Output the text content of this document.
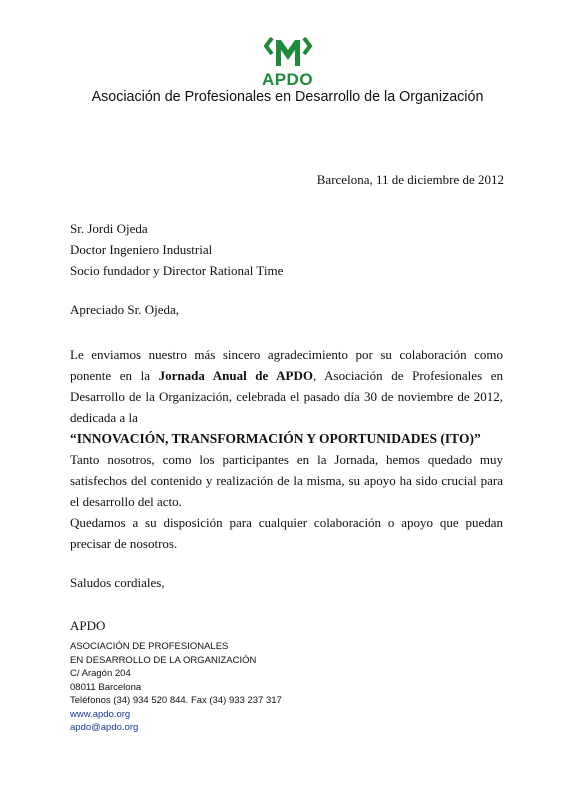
APDO
Asociación de Profesionales en Desarrollo de la Organización
Barcelona, 11 de diciembre de 2012
Sr. Jordi Ojeda
Doctor Ingeniero Industrial
Socio fundador y Director Rational Time
Apreciado Sr. Ojeda,
Le enviamos nuestro más sincero agradecimiento por su colaboración como ponente en la Jornada Anual de APDO, Asociación de Profesionales en Desarrollo de la Organización, celebrada el pasado día 30 de noviembre de 2012, dedicada a la
“INNOVACIÓN, TRANSFORMACIÓN Y OPORTUNIDADES (ITO)”
Tanto nosotros, como los participantes en la Jornada, hemos quedado muy satisfechos del contenido y realización de la misma, su apoyo ha sido crucial para el desarrollo del acto.
Quedamos a su disposición para cualquier colaboración o apoyo que puedan precisar de nosotros.
Saludos cordiales,
APDO
ASOCIACIÓN DE PROFESIONALES
EN DESARROLLO DE LA ORGANIZACIÓN
C/ Aragón 204
08011 Barcelona
Teléfonos (34) 934 520 844. Fax (34) 933 237 317
www.apdo.org
apdo@apdo.org
